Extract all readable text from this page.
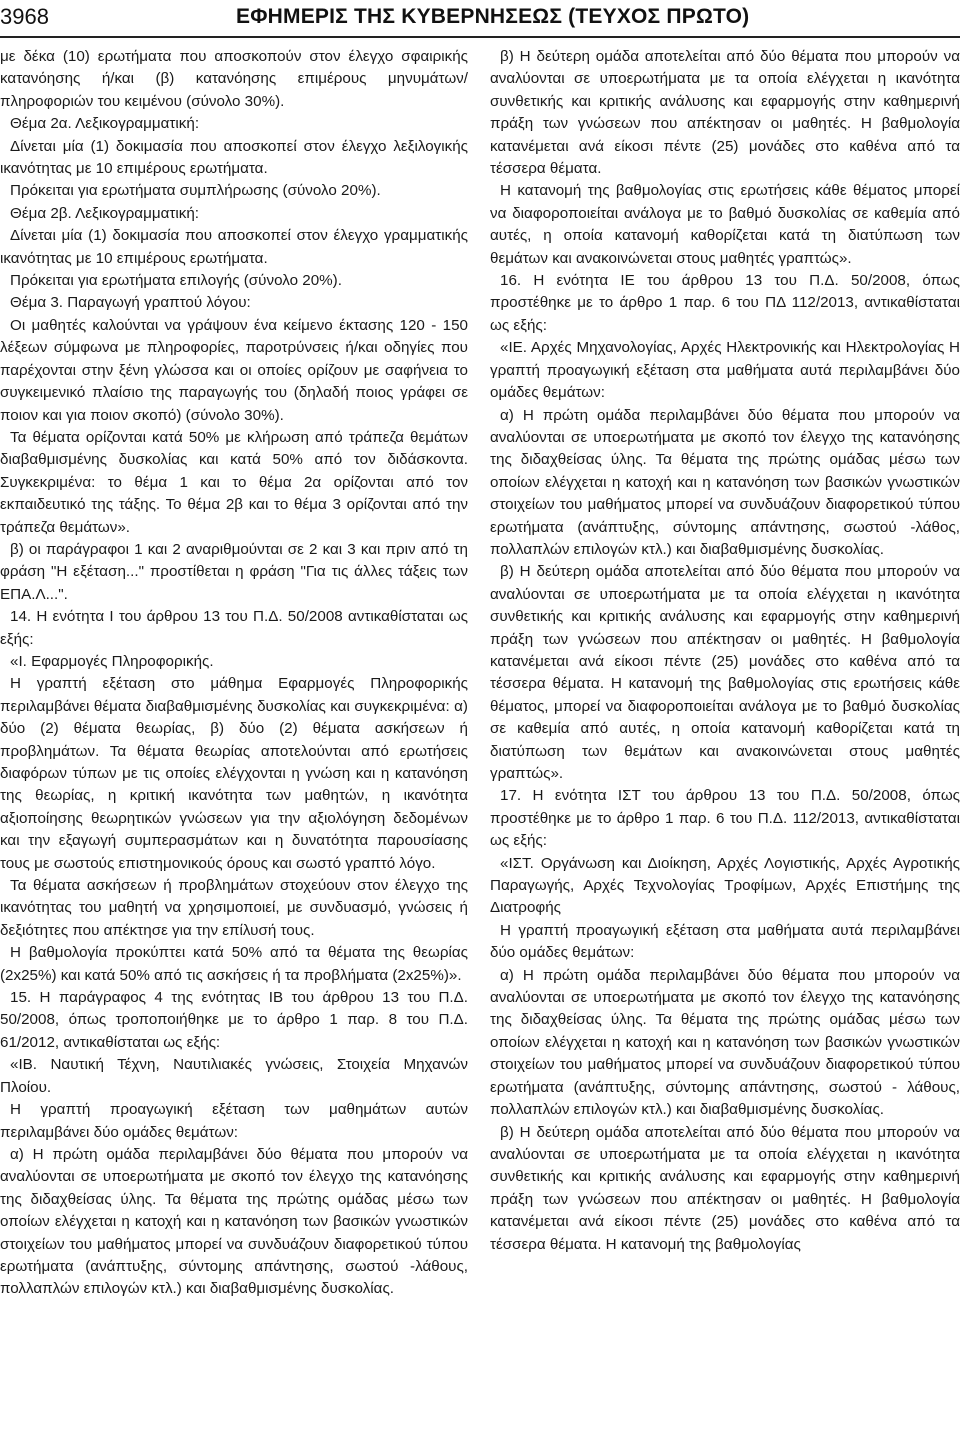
3968	ΕΦΗΜΕΡΙΣ ΤΗΣ ΚΥΒΕΡΝΗΣΕΩΣ (ΤΕΥΧΟΣ ΠΡΩΤΟ)

με δέκα (10) ερωτήματα που αποσκοπούν στον έλεγχο σφαιρικής κατανόησης ή/και (β) κατανόησης επιμέρους μηνυμάτων/πληροφοριών του κειμένου (σύνολο 30%).

Θέμα 2α. Λεξικογραμματική:

Δίνεται μία (1) δοκιμασία που αποσκοπεί στον έλεγχο λεξιλογικής ικανότητας με 10 επιμέρους ερωτήματα.

Πρόκειται για ερωτήματα συμπλήρωσης (σύνολο 20%).

Θέμα 2β. Λεξικογραμματική:

Δίνεται μία (1) δοκιμασία που αποσκοπεί στον έλεγχο γραμματικής ικανότητας με 10 επιμέρους ερωτήματα.

Πρόκειται για ερωτήματα επιλογής (σύνολο 20%).

Θέμα 3. Παραγωγή γραπτού λόγου:

Οι μαθητές καλούνται να γράψουν ένα κείμενο έκτασης 120 - 150 λέξεων σύμφωνα με πληροφορίες, παροτρύνσεις ή/και οδηγίες που παρέχονται στην ξένη γλώσσα και οι οποίες ορίζουν με σαφήνεια το συγκειμενικό πλαίσιο της παραγωγής του (δηλαδή ποιος γράφει σε ποιον και για ποιον σκοπό) (σύνολο 30%).

Τα θέματα ορίζονται κατά 50% με κλήρωση από τράπεζα θεμάτων διαβαθμισμένης δυσκολίας και κατά 50% από τον διδάσκοντα. Συγκεκριμένα: το θέμα 1 και το θέμα 2α ορίζονται από τον εκπαιδευτικό της τάξης. Το θέμα 2β και το θέμα 3 ορίζονται από την τράπεζα θεμάτων».

β) οι παράγραφοι 1 και 2 αναριθμούνται σε 2 και 3 και πριν από τη φράση "Η εξέταση..." προστίθεται η φράση "Για τις άλλες τάξεις των ΕΠΑ.Λ...".

14. Η ενότητα Ι του άρθρου 13 του Π.Δ. 50/2008 αντικαθίσταται ως εξής:

«Ι. Εφαρμογές Πληροφορικής.

Η γραπτή εξέταση στο μάθημα Εφαρμογές Πληροφορικής περιλαμβάνει θέματα διαβαθμισμένης δυσκολίας και συγκεκριμένα: α) δύο (2) θέματα θεωρίας, β) δύο (2) θέματα ασκήσεων ή προβλημάτων. Τα θέματα θεωρίας αποτελούνται από ερωτήσεις διαφόρων τύπων με τις οποίες ελέγχονται η γνώση και η κατανόηση της θεωρίας, η κριτική ικανότητα των μαθητών, η ικανότητα αξιοποίησης θεωρητικών γνώσεων για την αξιολόγηση δεδομένων και την εξαγωγή συμπερασμάτων και η δυνατότητα παρουσίασης τους με σωστούς επιστημονικούς όρους και σωστό γραπτό λόγο.

Τα θέματα ασκήσεων ή προβλημάτων στοχεύουν στον έλεγχο της ικανότητας του μαθητή να χρησιμοποιεί, με συνδυασμό, γνώσεις ή δεξιότητες που απέκτησε για την επίλυσή τους.

Η βαθμολογία προκύπτει κατά 50% από τα θέματα της θεωρίας (2x25%) και κατά 50% από τις ασκήσεις ή τα προβλήματα (2x25%)».

15. Η παράγραφος 4 της ενότητας ΙΒ του άρθρου 13 του Π.Δ. 50/2008, όπως τροποποιήθηκε με το άρθρο 1 παρ. 8 του Π.Δ. 61/2012, αντικαθίσταται ως εξής:

«ΙΒ. Ναυτική Τέχνη, Ναυτιλιακές γνώσεις, Στοιχεία Μηχανών Πλοίου.

Η γραπτή προαγωγική εξέταση των μαθημάτων αυτών περιλαμβάνει δύο ομάδες θεμάτων:

α) Η πρώτη ομάδα περιλαμβάνει δύο θέματα που μπορούν να αναλύονται σε υποερωτήματα με σκοπό τον έλεγχο της κατανόησης της διδαχθείσας ύλης. Τα θέματα της πρώτης ομάδας μέσω των οποίων ελέγχεται η κατοχή και η κατανόηση των βασικών γνωστικών στοιχείων του μαθήματος μπορεί να συνδυάζουν διαφορετικού τύπου ερωτήματα (ανάπτυξης, σύντομης απάντησης, σωστού -λάθους, πολλαπλών επιλογών κτλ.) και διαβαθμισμένης δυσκολίας.

β) Η δεύτερη ομάδα αποτελείται από δύο θέματα που μπορούν να αναλύονται σε υποερωτήματα με τα οποία ελέγχεται η ικανότητα συνθετικής και κριτικής ανάλυσης και εφαρμογής στην καθημερινή πράξη των γνώσεων που απέκτησαν οι μαθητές. Η βαθμολογία κατανέμεται ανά είκοσι πέντε (25) μονάδες στο καθένα από τα τέσσερα θέματα.

Η κατανομή της βαθμολογίας στις ερωτήσεις κάθε θέματος μπορεί να διαφοροποιείται ανάλογα με το βαθμό δυσκολίας σε καθεμία από αυτές, η οποία κατανομή καθορίζεται κατά τη διατύπωση των θεμάτων και ανακοινώνεται στους μαθητές γραπτώς».

16. Η ενότητα ΙΕ του άρθρου 13 του Π.Δ. 50/2008, όπως προστέθηκε με το άρθρο 1 παρ. 6 του ΠΔ 112/2013, αντικαθίσταται ως εξής:

«ΙΕ. Αρχές Μηχανολογίας, Αρχές Ηλεκτρονικής και Ηλεκτρολογίας Η γραπτή προαγωγική εξέταση στα μαθήματα αυτά περιλαμβάνει δύο ομάδες θεμάτων:

α) Η πρώτη ομάδα περιλαμβάνει δύο θέματα που μπορούν να αναλύονται σε υποερωτήματα με σκοπό τον έλεγχο της κατανόησης της διδαχθείσας ύλης. Τα θέματα της πρώτης ομάδας μέσω των οποίων ελέγχεται η κατοχή και η κατανόηση των βασικών γνωστικών στοιχείων του μαθήματος μπορεί να συνδυάζουν διαφορετικού τύπου ερωτήματα (ανάπτυξης, σύντομης απάντησης, σωστού -λάθος, πολλαπλών επιλογών κτλ.) και διαβαθμισμένης δυσκολίας.

β) Η δεύτερη ομάδα αποτελείται από δύο θέματα που μπορούν να αναλύονται σε υποερωτήματα με τα οποία ελέγχεται η ικανότητα συνθετικής και κριτικής ανάλυσης και εφαρμογής στην καθημερινή πράξη των γνώσεων που απέκτησαν οι μαθητές. Η βαθμολογία κατανέμεται ανά είκοσι πέντε (25) μονάδες στο καθένα από τα τέσσερα θέματα. Η κατανομή της βαθμολογίας στις ερωτήσεις κάθε θέματος, μπορεί να διαφοροποιείται ανάλογα με το βαθμό δυσκολίας σε καθεμία από αυτές, η οποία κατανομή καθορίζεται κατά τη διατύπωση των θεμάτων και ανακοινώνεται στους μαθητές γραπτώς».

17. Η ενότητα ΙΣΤ του άρθρου 13 του Π.Δ. 50/2008, όπως προστέθηκε με το άρθρο 1 παρ. 6 του Π.Δ. 112/2013, αντικαθίσταται ως εξής:

«ΙΣΤ. Οργάνωση και Διοίκηση, Αρχές Λογιστικής, Αρχές Αγροτικής Παραγωγής, Αρχές Τεχνολογίας Τροφίμων, Αρχές Επιστήμης της Διατροφής

Η γραπτή προαγωγική εξέταση στα μαθήματα αυτά περιλαμβάνει δύο ομάδες θεμάτων:

α) Η πρώτη ομάδα περιλαμβάνει δύο θέματα που μπορούν να αναλύονται σε υποερωτήματα με σκοπό τον έλεγχο της κατανόησης της διδαχθείσας ύλης. Τα θέματα της πρώτης ομάδας μέσω των οποίων ελέγχεται η κατοχή και η κατανόηση των βασικών γνωστικών στοιχείων του μαθήματος μπορεί να συνδυάζουν διαφορετικού τύπου ερωτήματα (ανάπτυξης, σύντομης απάντησης, σωστού - λάθους, πολλαπλών επιλογών κτλ.) και διαβαθμισμένης δυσκολίας.

β) Η δεύτερη ομάδα αποτελείται από δύο θέματα που μπορούν να αναλύονται σε υποερωτήματα με τα οποία ελέγχεται η ικανότητα συνθετικής και κριτικής ανάλυσης και εφαρμογής στην καθημερινή πράξη των γνώσεων που απέκτησαν οι μαθητές. Η βαθμολογία κατανέμεται ανά είκοσι πέντε (25) μονάδες στο καθένα από τα τέσσερα θέματα. Η κατανομή της βαθμολογίας
